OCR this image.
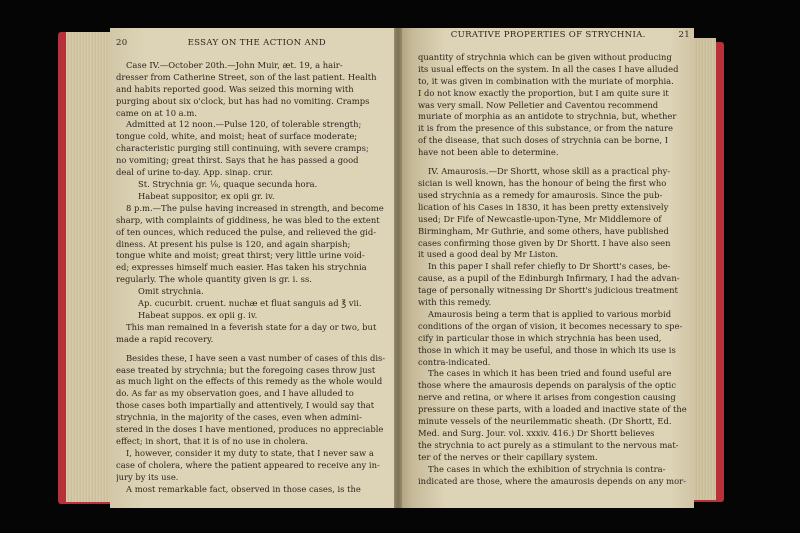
20	ESSAY ON THE ACTION AND

Case IV.—October 20th.—John Muir, æt. 19, a hair-

dresser from Catherine Street, son of the last patient. Health

and habits reported good. Was seized this morning with

purging about six o'clock, but has had no vomiting. Cramps

came on at 10 a.m.

Admitted at 12 noon.—Pulse 120, of tolerable strength;

tongue cold, white, and moist; heat of surface moderate;

characteristic purging still continuing, with severe cramps;

no vomiting; great thirst. Says that he has passed a good

deal of urine to-day. App. sinap. crur.

St. Strychnia gr. ⅛, quaque secunda hora.

Habeat suppositor, ex opii gr. iv.

8 p.m.—The pulse having increased in strength, and become

sharp, with complaints of giddiness, he was bled to the extent

of ten ounces, which reduced the pulse, and relieved the gid-

diness. At present his pulse is 120, and again sharpish;

tongue white and moist; great thirst; very little urine void-

ed; expresses himself much easier. Has taken his strychnia

regularly. The whole quantity given is gr. i. ss.

Omit strychnia.

Ap. cucurbit. cruent. nuchæ et fluat sanguis ad ℥ vii.

Habeat suppos. ex opii g. iv.

This man remained in a feverish state for a day or two, but

made a rapid recovery.

Besides these, I have seen a vast number of cases of this dis-

ease treated by strychnia; but the foregoing cases throw just

as much light on the effects of this remedy as the whole would

do. As far as my observation goes, and I have alluded to

those cases both impartially and attentively, I would say that

strychnia, in the majority of the cases, even when admini-

stered in the doses I have mentioned, produces no appreciable

effect; in short, that it is of no use in cholera.

I, however, consider it my duty to state, that I never saw a

case of cholera, where the patient appeared to receive any in-

jury by its use.

A most remarkable fact, observed in those cases, is the

CURATIVE PROPERTIES OF STRYCHNIA.	21

quantity of strychnia which can be given without producing

its usual effects on the system. In all the cases I have alluded

to, it was given in combination with the muriate of morphia.

I do not know exactly the proportion, but I am quite sure it

was very small. Now Pelletier and Caventou recommend

muriate of morphia as an antidote to strychnia, but, whether

it is from the presence of this substance, or from the nature

of the disease, that such doses of strychnia can be borne, I

have not been able to determine.

IV. Amaurosis.—Dr Shortt, whose skill as a practical phy-

sician is well known, has the honour of being the first who

used strychnia as a remedy for amaurosis. Since the pub-

lication of his Cases in 1830, it has been pretty extensively

used; Dr Fife of Newcastle-upon-Tyne, Mr Middlemore of

Birmingham, Mr Guthrie, and some others, have published

cases confirming those given by Dr Shortt. I have also seen

it used a good deal by Mr Liston.

In this paper I shall refer chiefly to Dr Shortt's cases, be-

cause, as a pupil of the Edinburgh Infirmary, I had the advan-

tage of personally witnessing Dr Shortt's judicious treatment

with this remedy.

Amaurosis being a term that is applied to various morbid

conditions of the organ of vision, it becomes necessary to spe-

cify in particular those in which strychnia has been used,

those in which it may be useful, and those in which its use is

contra-indicated.

The cases in which it has been tried and found useful are

those where the amaurosis depends on paralysis of the optic

nerve and retina, or where it arises from congestion causing

pressure on these parts, with a loaded and inactive state of the

minute vessels of the neurilemmatic sheath. (Dr Shortt, Ed.

Med. and Surg. Jour. vol. xxxiv. 416.) Dr Shortt believes

the strychnia to act purely as a stimulant to the nervous mat-

ter of the nerves or their capillary system.

The cases in which the exhibition of strychnia is contra-

indicated are those, where the amaurosis depends on any mor-
